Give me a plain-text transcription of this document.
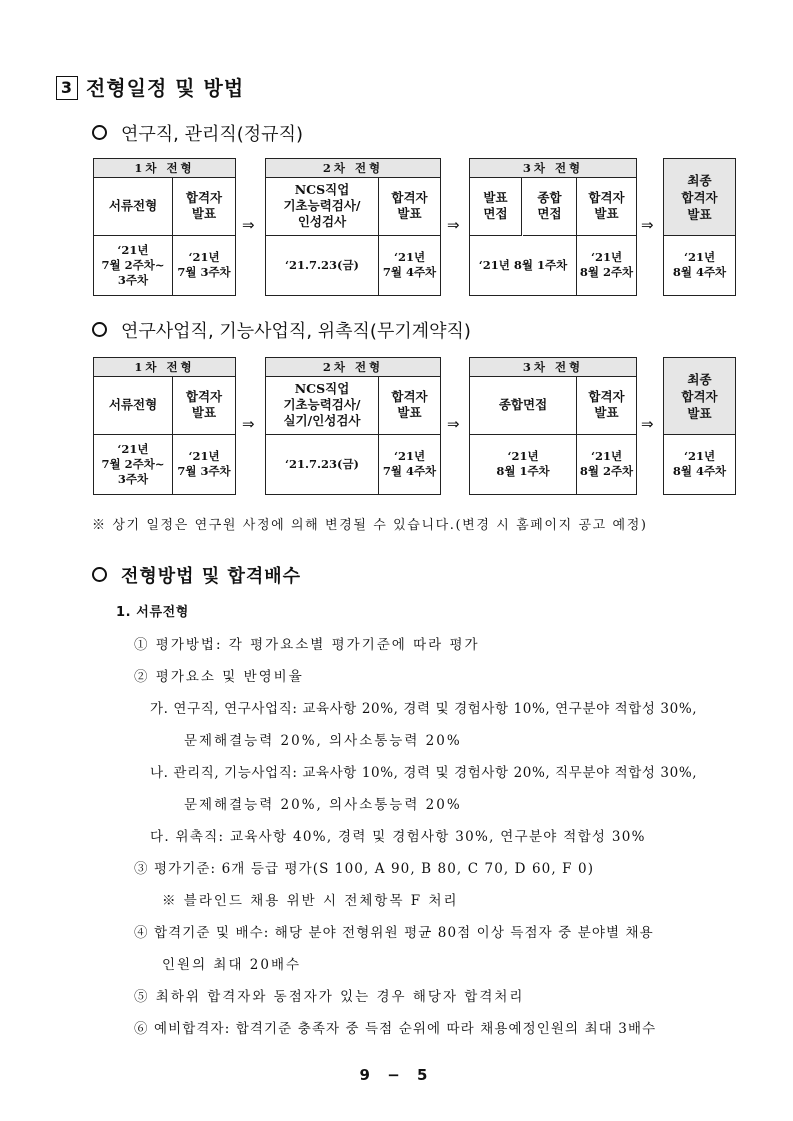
3 전형일정 및 방법
연구직, 관리직(정규직)
1차 전형
서류전형
‘21년
7월 2주차~
3주차
합격자
발표
‘21년
7월 3주차
⇒
2차 전형
NCS직업
기초능력검사/
인성검사
‘21.7.23(금)
합격자
발표
‘21년
7월 4주차
⇒
3차 전형
발표
면접
종합
면접
‘21년 8월 1주차
합격자
발표
‘21년
8월 2주차
⇒
최종
합격자
발표
‘21년
8월 4주차
연구사업직, 기능사업직, 위촉직(무기계약직)
1차 전형
서류전형
‘21년
7월 2주차~
3주차
합격자
발표
‘21년
7월 3주차
⇒
2차 전형
NCS직업
기초능력검사/
실기/인성검사
‘21.7.23(금)
합격자
발표
‘21년
7월 4주차
⇒
3차 전형
종합면접
‘21년
8월 1주차
합격자
발표
‘21년
8월 2주차
⇒
최종
합격자
발표
‘21년
8월 4주차
※ 상기 일정은 연구원 사정에 의해 변경될 수 있습니다.(변경 시 홈페이지 공고 예정)
전형방법 및 합격배수
1. 서류전형
① 평가방법: 각 평가요소별 평가기준에 따라 평가
② 평가요소 및 반영비율
가. 연구직, 연구사업직: 교육사항 20%, 경력 및 경험사항 10%, 연구분야 적합성 30%,
문제해결능력 20%, 의사소통능력 20%
나. 관리직, 기능사업직: 교육사항 10%, 경력 및 경험사항 20%, 직무분야 적합성 30%,
문제해결능력 20%, 의사소통능력 20%
다. 위촉직: 교육사항 40%, 경력 및 경험사항 30%, 연구분야 적합성 30%
③ 평가기준: 6개 등급 평가(S 100, A 90, B 80, C 70, D 60, F 0)
※ 블라인드 채용 위반 시 전체항목 F 처리
④ 합격기준 및 배수: 해당 분야 전형위원 평균 80점 이상 득점자 중 분야별 채용
인원의 최대 20배수
⑤ 최하위 합격자와 동점자가 있는 경우 해당자 합격처리
⑥ 예비합격자: 합격기준 충족자 중 득점 순위에 따라 채용예정인원의 최대 3배수
9 − 5
